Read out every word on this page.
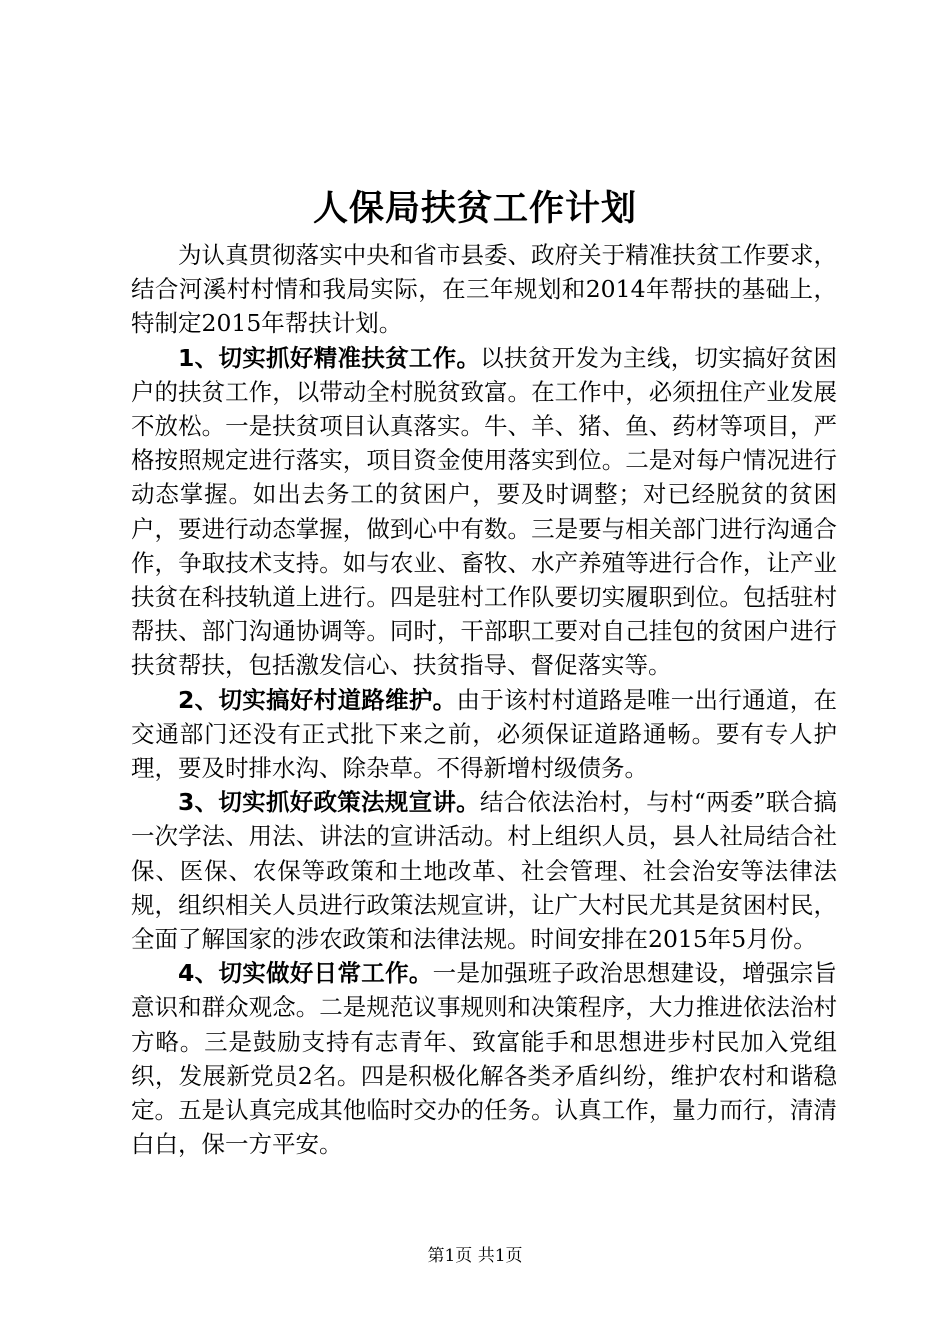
人保局扶贫工作计划

为认真贯彻落实中央和省市县委、政府关于精准扶贫工作要求，结合河溪村村情和我局实际，在三年规划和2014年帮扶的基础上，特制定2015年帮扶计划。

1、切实抓好精准扶贫工作。以扶贫开发为主线，切实搞好贫困户的扶贫工作，以带动全村脱贫致富。在工作中，必须扭住产业发展不放松。一是扶贫项目认真落实。牛、羊、猪、鱼、药材等项目，严格按照规定进行落实，项目资金使用落实到位。二是对每户情况进行动态掌握。如出去务工的贫困户，要及时调整；对已经脱贫的贫困户，要进行动态掌握，做到心中有数。三是要与相关部门进行沟通合作，争取技术支持。如与农业、畜牧、水产养殖等进行合作，让产业扶贫在科技轨道上进行。四是驻村工作队要切实履职到位。包括驻村帮扶、部门沟通协调等。同时，干部职工要对自己挂包的贫困户进行扶贫帮扶，包括激发信心、扶贫指导、督促落实等。

2、切实搞好村道路维护。由于该村村道路是唯一出行通道，在交通部门还没有正式批下来之前，必须保证道路通畅。要有专人护理，要及时排水沟、除杂草。不得新增村级债务。

3、切实抓好政策法规宣讲。结合依法治村，与村“两委”联合搞一次学法、用法、讲法的宣讲活动。村上组织人员，县人社局结合社保、医保、农保等政策和土地改革、社会管理、社会治安等法律法规，组织相关人员进行政策法规宣讲，让广大村民尤其是贫困村民，全面了解国家的涉农政策和法律法规。时间安排在2015年5月份。

4、切实做好日常工作。一是加强班子政治思想建设，增强宗旨意识和群众观念。二是规范议事规则和决策程序，大力推进依法治村方略。三是鼓励支持有志青年、致富能手和思想进步村民加入党组织，发展新党员2名。四是积极化解各类矛盾纠纷，维护农村和谐稳定。五是认真完成其他临时交办的任务。认真工作，量力而行，清清白白，保一方平安。

第1页 共1页
